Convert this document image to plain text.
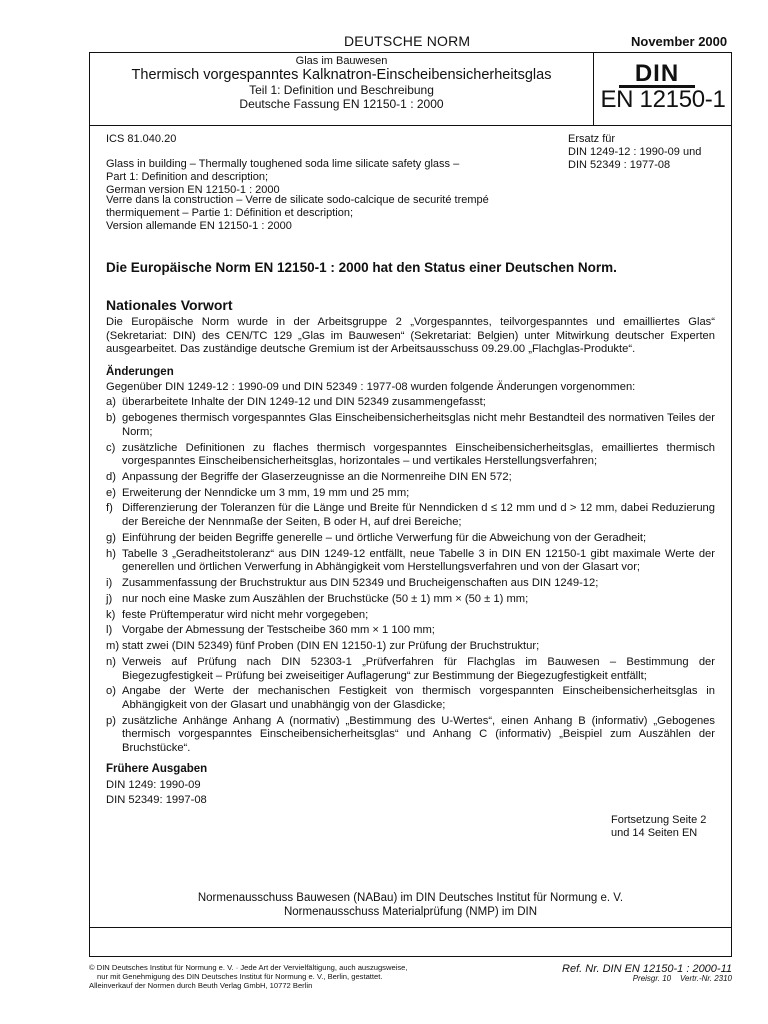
DEUTSCHE NORM	November 2000
Glas im Bauwesen
Thermisch vorgespanntes Kalknatron-Einscheibensicherheitsglas
Teil 1: Definition und Beschreibung
Deutsche Fassung EN 12150-1 : 2000
DIN
EN 12150-1
ICS 81.040.20	Ersatz für
DIN 1249-12 : 1990-09 und
DIN 52349 : 1977-08
Glass in building – Thermally toughened soda lime silicate safety glass –
Part 1: Definition and description;
German version EN 12150-1 : 2000
Verre dans la construction – Verre de silicate sodo-calcique de securité trempé
thermiquement – Partie 1: Définition et description;
Version allemande EN 12150-1 : 2000
Die Europäische Norm EN 12150-1 : 2000 hat den Status einer Deutschen Norm.
Nationales Vorwort
Die Europäische Norm wurde in der Arbeitsgruppe 2 „Vorgespanntes, teilvorgespanntes und emailliertes Glas“ (Sekretariat: DIN) des CEN/TC 129 „Glas im Bauwesen“ (Sekretariat: Belgien) unter Mitwirkung deutscher Experten ausgearbeitet. Das zuständige deutsche Gremium ist der Arbeitsausschuss 09.29.00 „Flachglas-Produkte“.
Änderungen
Gegenüber DIN 1249-12 : 1990-09 und DIN 52349 : 1977-08 wurden folgende Änderungen vorgenommen:
a) überarbeitete Inhalte der DIN 1249-12 und DIN 52349 zusammengefasst;
b) gebogenes thermisch vorgespanntes Glas Einscheibensicherheitsglas nicht mehr Bestandteil des normativen Teiles der Norm;
c) zusätzliche Definitionen zu flaches thermisch vorgespanntes Einscheibensicherheitsglas, emailliertes thermisch vorgespanntes Einscheibensicherheitsglas, horizontales – und vertikales Herstellungsverfahren;
d) Anpassung der Begriffe der Glaserzeugnisse an die Normenreihe DIN EN 572;
e) Erweiterung der Nenndicke um 3 mm, 19 mm und 25 mm;
f) Differenzierung der Toleranzen für die Länge und Breite für Nenndicken d ≤ 12 mm und d > 12 mm, dabei Reduzierung der Bereiche der Nennmaße der Seiten, B oder H, auf drei Bereiche;
g) Einführung der beiden Begriffe generelle – und örtliche Verwerfung für die Abweichung von der Geradheit;
h) Tabelle 3 „Geradheitstoleranz“ aus DIN 1249-12 entfällt, neue Tabelle 3 in DIN EN 12150-1 gibt maximale Werte der generellen und örtlichen Verwerfung in Abhängigkeit vom Herstellungsverfahren und von der Glasart vor;
i) Zusammenfassung der Bruchstruktur aus DIN 52349 und Brucheigenschaften aus DIN 1249-12;
j) nur noch eine Maske zum Auszählen der Bruchstücke (50 ± 1) mm × (50 ± 1) mm;
k) feste Prüftemperatur wird nicht mehr vorgegeben;
l) Vorgabe der Abmessung der Testscheibe 360 mm × 1 100 mm;
m) statt zwei (DIN 52349) fünf Proben (DIN EN 12150-1) zur Prüfung der Bruchstruktur;
n) Verweis auf Prüfung nach DIN 52303-1 „Prüfverfahren für Flachglas im Bauwesen – Bestimmung der Biegezugfestigkeit – Prüfung bei zweiseitiger Auflagerung“ zur Bestimmung der Biegezugfestigkeit entfällt;
o) Angabe der Werte der mechanischen Festigkeit von thermisch vorgespannten Einscheibensicherheitsglas in Abhängigkeit von der Glasart und unabhängig von der Glasdicke;
p) zusätzliche Anhänge Anhang A (normativ) „Bestimmung des U-Wertes“, einen Anhang B (informativ) „Gebogenes thermisch vorgespanntes Einscheibensicherheitsglas“ und Anhang C (informativ) „Beispiel zum Auszählen der Bruchstücke“.
Frühere Ausgaben
DIN 1249: 1990-09
DIN 52349: 1997-08
Fortsetzung Seite 2
und 14 Seiten EN
Normenausschuss Bauwesen (NABau) im DIN Deutsches Institut für Normung e. V.
Normenausschuss Materialprüfung (NMP) im DIN
© DIN Deutsches Institut für Normung e. V. · Jede Art der Vervielfältigung, auch auszugsweise,
nur mit Genehmigung des DIN Deutsches Institut für Normung e. V., Berlin, gestattet.
Alleinverkauf der Normen durch Beuth Verlag GmbH, 10772 Berlin
Ref. Nr. DIN EN 12150-1 : 2000-11
Preisgr. 10 Vertr.-Nr. 2310
